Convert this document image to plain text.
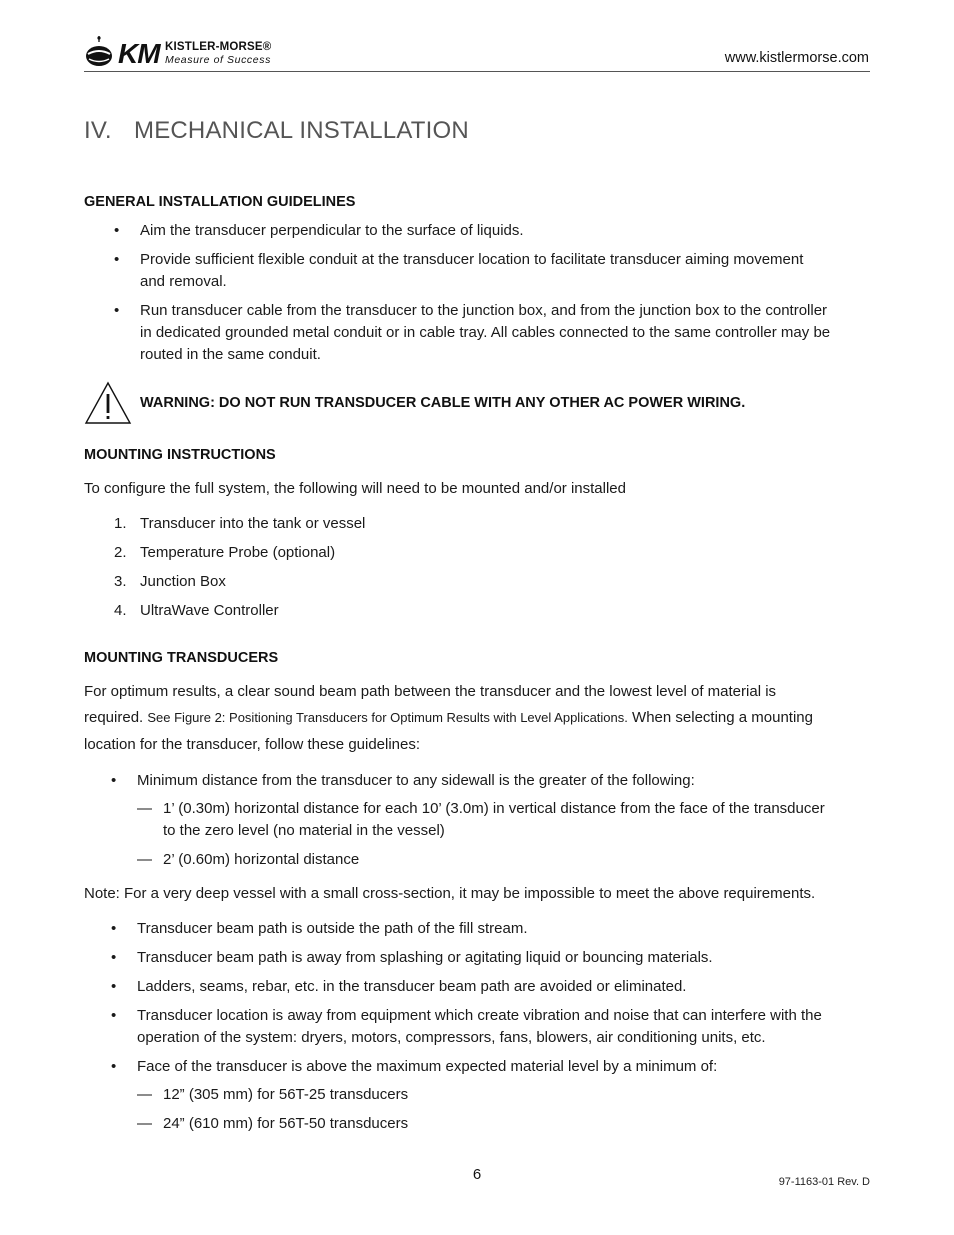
KM KISTLER-MORSE®
Measure of Success	www.kistlermorse.com
IV. MECHANICAL INSTALLATION
GENERAL INSTALLATION GUIDELINES
• Aim the transducer perpendicular to the surface of liquids.
• Provide sufficient flexible conduit at the transducer location to facilitate transducer aiming movement
and removal.
• Run transducer cable from the transducer to the junction box, and from the junction box to the controller
in dedicated grounded metal conduit or in cable tray. All cables connected to the same controller may be
routed in the same conduit.
WARNING: DO NOT RUN TRANSDUCER CABLE WITH ANY OTHER AC POWER WIRING.
MOUNTING INSTRUCTIONS
To configure the full system, the following will need to be mounted and/or installed
1. Transducer into the tank or vessel
2. Temperature Probe (optional)
3. Junction Box
4. UltraWave Controller
MOUNTING TRANSDUCERS
For optimum results, a clear sound beam path between the transducer and the lowest level of material is
required. See Figure 2: Positioning Transducers for Optimum Results with Level Applications. When selecting a mounting
location for the transducer, follow these guidelines:
• Minimum distance from the transducer to any sidewall is the greater of the following:
— 1’ (0.30m) horizontal distance for each 10’ (3.0m) in vertical distance from the face of the transducer
to the zero level (no material in the vessel)
— 2’ (0.60m) horizontal distance
Note: For a very deep vessel with a small cross-section, it may be impossible to meet the above requirements.
• Transducer beam path is outside the path of the fill stream.
• Transducer beam path is away from splashing or agitating liquid or bouncing materials.
• Ladders, seams, rebar, etc. in the transducer beam path are avoided or eliminated.
• Transducer location is away from equipment which create vibration and noise that can interfere with the
operation of the system: dryers, motors, compressors, fans, blowers, air conditioning units, etc.
• Face of the transducer is above the maximum expected material level by a minimum of:
— 12” (305 mm) for 56T-25 transducers
— 24” (610 mm) for 56T-50 transducers
6	97-1163-01 Rev. D
